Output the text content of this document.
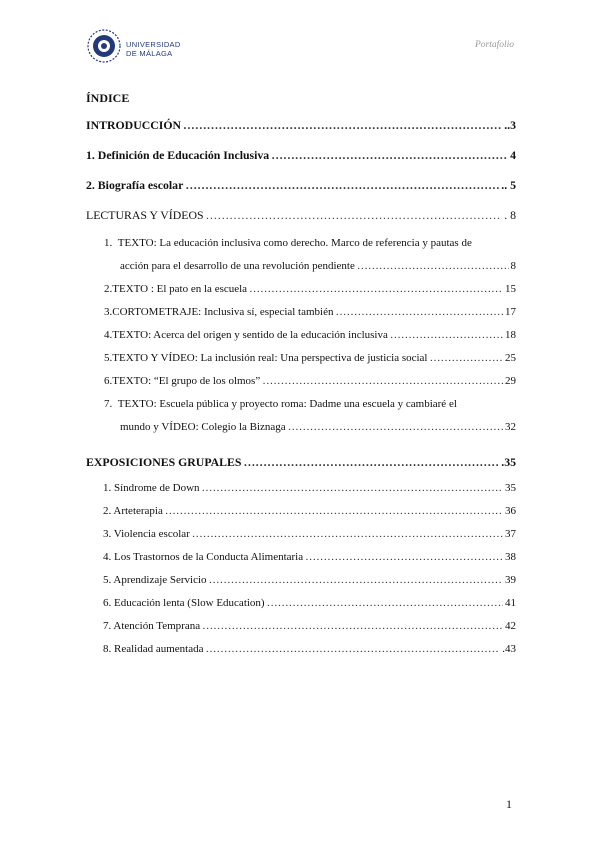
UNIVERSIDAD
DE MÁLAGA
Portafolio
ÍNDICE
INTRODUCCIÓN ………………………………………………………………………………………………………………………………………………	..3
1. Definición de Educación Inclusiva ………………………………………………………………………………………………………………………………………………	4
2. Biografía escolar ………………………………………………………………………………………………………………………………………………	.. 5
LECTURAS Y VÍDEOS ………………………………………………………………………………………………………………………………………………	. 8
1. TEXTO: La educación inclusiva como derecho. Marco de referencia y pautas de
acción para el desarrollo de una revolución pendiente ………………………………………………………………………………………………………………………………………………	8
2. TEXTO : El pato en la escuela ………………………………………………………………………………………………………………………………………………	15
3. CORTOMETRAJE: Inclusiva sí, especial también ………………………………………………………………………………………………………………………………………………	17
4. TEXTO: Acerca del origen y sentido de la educación inclusiva ………………………………………………………………………………………………………………………………………………	18
5. TEXTO Y VÍDEO: La inclusión real: Una perspectiva de justicia social ………………………………………………………………………………………………………………………………………………	25
6. TEXTO: “El grupo de los olmos” ………………………………………………………………………………………………………………………………………………	29
7. TEXTO: Escuela pública y proyecto roma: Dadme una escuela y cambiaré el
mundo y VÍDEO: Colegio la Biznaga ………………………………………………………………………………………………………………………………………………	32
EXPOSICIONES GRUPALES ………………………………………………………………………………………………………………………………………………	.35
1. Síndrome de Down ………………………………………………………………………………………………………………………………………………	35
2. Arteterapia ………………………………………………………………………………………………………………………………………………	36
3. Violencia escolar ………………………………………………………………………………………………………………………………………………	37
4. Los Trastornos de la Conducta Alimentaria ………………………………………………………………………………………………………………………………………………	38
5. Aprendizaje Servicio ………………………………………………………………………………………………………………………………………………	39
6. Educación lenta (Slow Education) ………………………………………………………………………………………………………………………………………………	41
7. Atención Temprana ………………………………………………………………………………………………………………………………………………	42
8. Realidad aumentada ………………………………………………………………………………………………………………………………………………	.43
1
